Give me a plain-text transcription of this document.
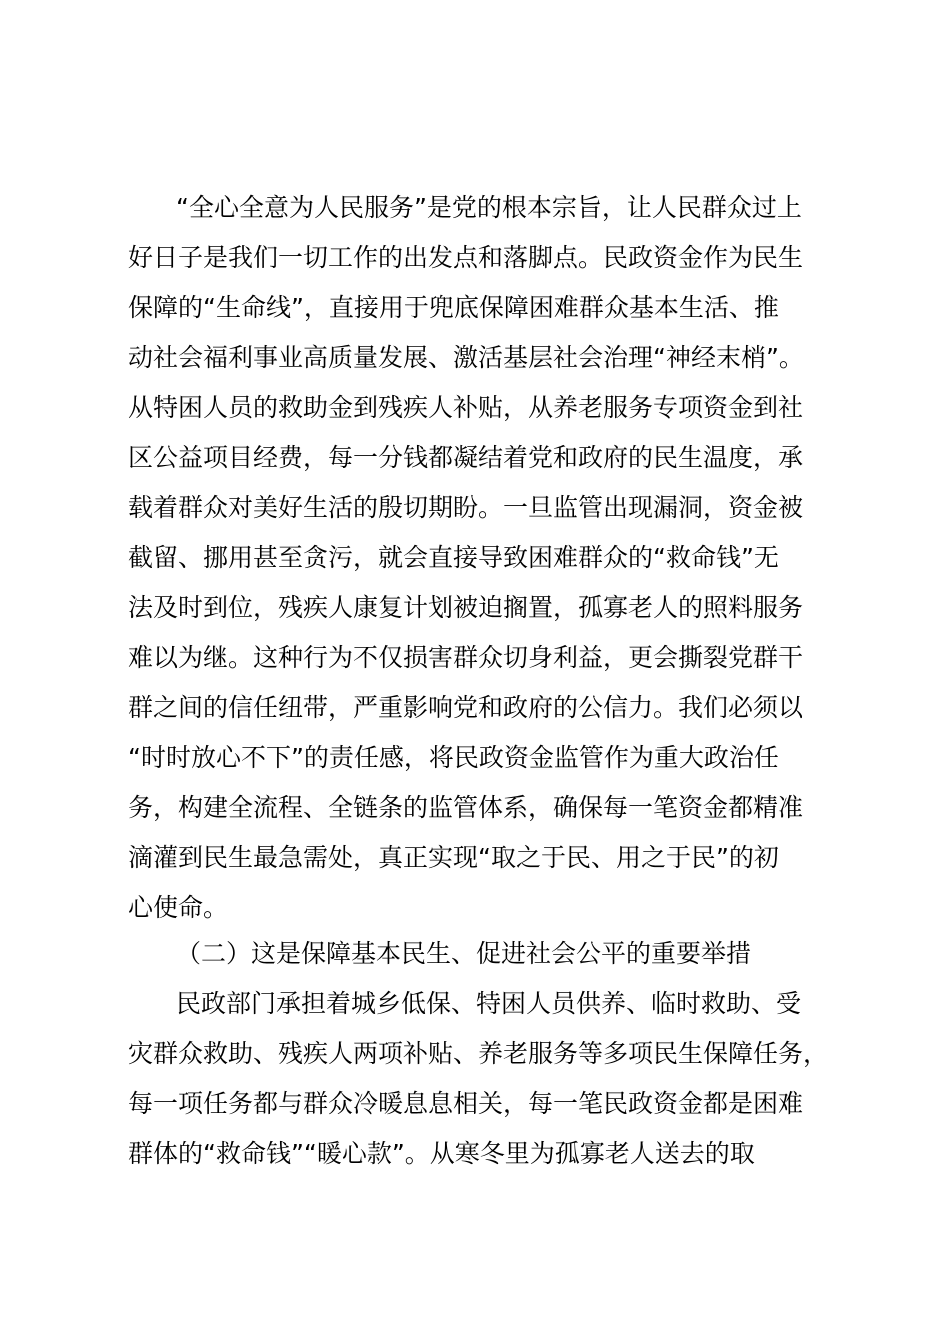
“全心全意为人民服务”是党的根本宗旨，让人民群众过上
好日子是我们一切工作的出发点和落脚点。民政资金作为民生
保障的“生命线”，直接用于兜底保障困难群众基本生活、推
动社会福利事业高质量发展、激活基层社会治理“神经末梢”。
从特困人员的救助金到残疾人补贴，从养老服务专项资金到社
区公益项目经费，每一分钱都凝结着党和政府的民生温度，承
载着群众对美好生活的殷切期盼。一旦监管出现漏洞，资金被
截留、挪用甚至贪污，就会直接导致困难群众的“救命钱”无
法及时到位，残疾人康复计划被迫搁置，孤寡老人的照料服务
难以为继。这种行为不仅损害群众切身利益，更会撕裂党群干
群之间的信任纽带，严重影响党和政府的公信力。我们必须以
“时时放心不下”的责任感，将民政资金监管作为重大政治任
务，构建全流程、全链条的监管体系，确保每一笔资金都精准
滴灌到民生最急需处，真正实现“取之于民、用之于民”的初
心使命。
（二）这是保障基本民生、促进社会公平的重要举措
民政部门承担着城乡低保、特困人员供养、临时救助、受
灾群众救助、残疾人两项补贴、养老服务等多项民生保障任务，
每一项任务都与群众冷暖息息相关，每一笔民政资金都是困难
群体的“救命钱”“暖心款”。从寒冬里为孤寡老人送去的取
